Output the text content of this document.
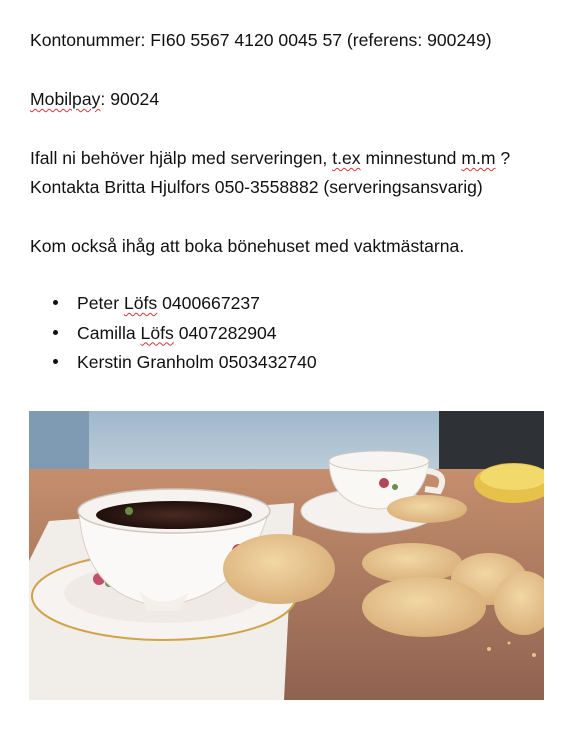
Kontonummer: FI60 5567 4120 0045 57 (referens: 900249)
Mobilpay: 90024
Ifall ni behöver hjälp med serveringen, t.ex minnestund m.m ?
Kontakta Britta Hjulfors 050-3558882 (serveringsansvarig)
Kom också ihåg att boka bönehuset med vaktmästarna.
Peter Löfs 0400667237
Camilla Löfs 0407282904
Kerstin Granholm 0503432740
